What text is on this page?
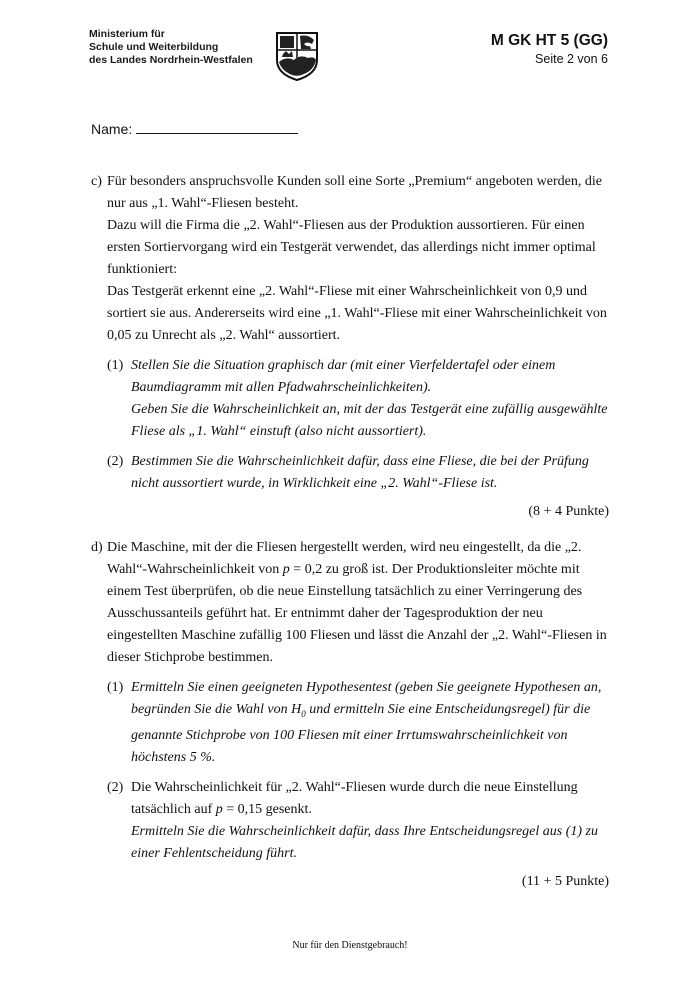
Ministerium für
Schule und Weiterbildung
des Landes Nordrhein-Westfalen
M GK HT 5 (GG)
Seite 2 von 6
Name:
c) Für besonders anspruchsvolle Kunden soll eine Sorte „Premium“ angeboten werden, die nur aus „1. Wahl“-Fliesen besteht.

Dazu will die Firma die „2. Wahl“-Fliesen aus der Produktion aussortieren. Für einen ersten Sortiervorgang wird ein Testgerät verwendet, das allerdings nicht immer optimal funktioniert:

Das Testgerät erkennt eine „2. Wahl“-Fliese mit einer Wahrscheinlichkeit von 0,9 und sortiert sie aus. Andererseits wird eine „1. Wahl“-Fliese mit einer Wahrscheinlichkeit von 0,05 zu Unrecht als „2. Wahl“ aussortiert.

(1) Stellen Sie die Situation graphisch dar (mit einer Vierfeldertafel oder einem Baumdiagramm mit allen Pfadwahrscheinlichkeiten).

Geben Sie die Wahrscheinlichkeit an, mit der das Testgerät eine zufällig ausgewählte Fliese als „1. Wahl“ einstuft (also nicht aussortiert).

(2) Bestimmen Sie die Wahrscheinlichkeit dafür, dass eine Fliese, die bei der Prüfung nicht aussortiert wurde, in Wirklichkeit eine „2. Wahl“-Fliese ist.

(8 + 4 Punkte)
d) Die Maschine, mit der die Fliesen hergestellt werden, wird neu eingestellt, da die „2. Wahl“-Wahrscheinlichkeit von p = 0,2 zu groß ist. Der Produktionsleiter möchte mit einem Test überprüfen, ob die neue Einstellung tatsächlich zu einer Verringerung des Ausschussanteils geführt hat. Er entnimmt daher der Tagesproduktion der neu eingestellten Maschine zufällig 100 Fliesen und lässt die Anzahl der „2. Wahl“-Fliesen in dieser Stichprobe bestimmen.

(1) Ermitteln Sie einen geeigneten Hypothesentest (geben Sie geeignete Hypothesen an, begründen Sie die Wahl von $H_0$ und ermitteln Sie eine Entscheidungsregel) für die genannte Stichprobe von 100 Fliesen mit einer Irrtumswahrscheinlichkeit von höchstens 5 %.

(2) Die Wahrscheinlichkeit für „2. Wahl“-Fliesen wurde durch die neue Einstellung tatsächlich auf p = 0,15 gesenkt.

Ermitteln Sie die Wahrscheinlichkeit dafür, dass Ihre Entscheidungsregel aus (1) zu einer Fehlentscheidung führt.

(11 + 5 Punkte)
Nur für den Dienstgebrauch!
